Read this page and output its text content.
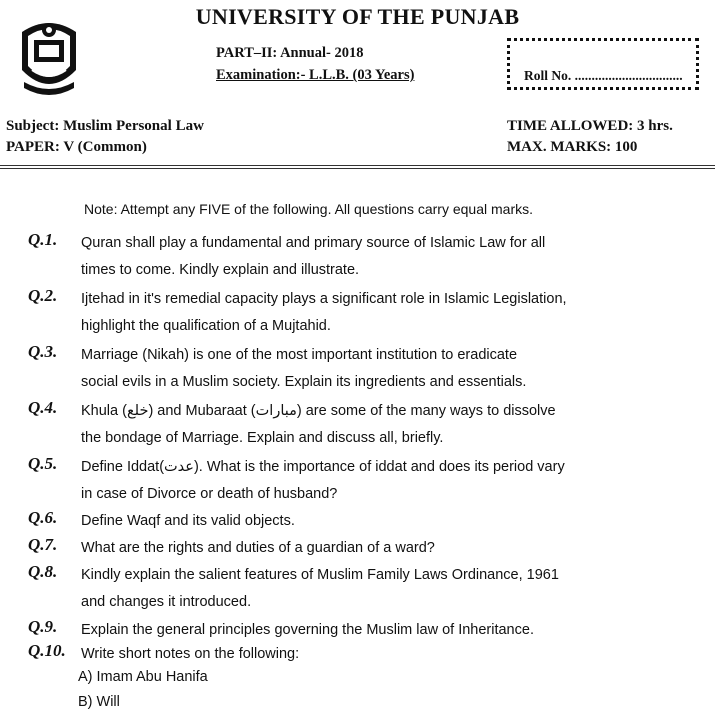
UNIVERSITY OF THE PUNJAB
PART–II: Annual- 2018
Examination:- L.L.B. (03 Years)	Roll No. ................................
Subject: Muslim Personal Law
PAPER: V (Common)
TIME ALLOWED: 3 hrs.
MAX. MARKS: 100
Note: Attempt any FIVE of the following. All questions carry equal marks.
Q.1.	Quran shall play a fundamental and primary source of Islamic Law for all
times to come. Kindly explain and illustrate.
Q.2.	Ijtehad in it's remedial capacity plays a significant role in Islamic Legislation,
highlight the qualification of a Mujtahid.
Q.3.	Marriage (Nikah) is one of the most important institution to eradicate
social evils in a Muslim society. Explain its ingredients and essentials.
Q.4.	Khula (خلع) and Mubaraat (مبارات) are some of the many ways to dissolve
the bondage of Marriage. Explain and discuss all, briefly.
Q.5.	Define Iddat(عدت). What is the importance of iddat and does its period vary
in case of Divorce or death of husband?
Q.6.	Define Waqf and its valid objects.
Q.7.	What are the rights and duties of a guardian of a ward?
Q.8.	Kindly explain the salient features of Muslim Family Laws Ordinance, 1961
and changes it introduced.
Q.9.	Explain the general principles governing the Muslim law of Inheritance.
Q.10.	Write short notes on the following:
A) Imam Abu Hanifa
B) Will
